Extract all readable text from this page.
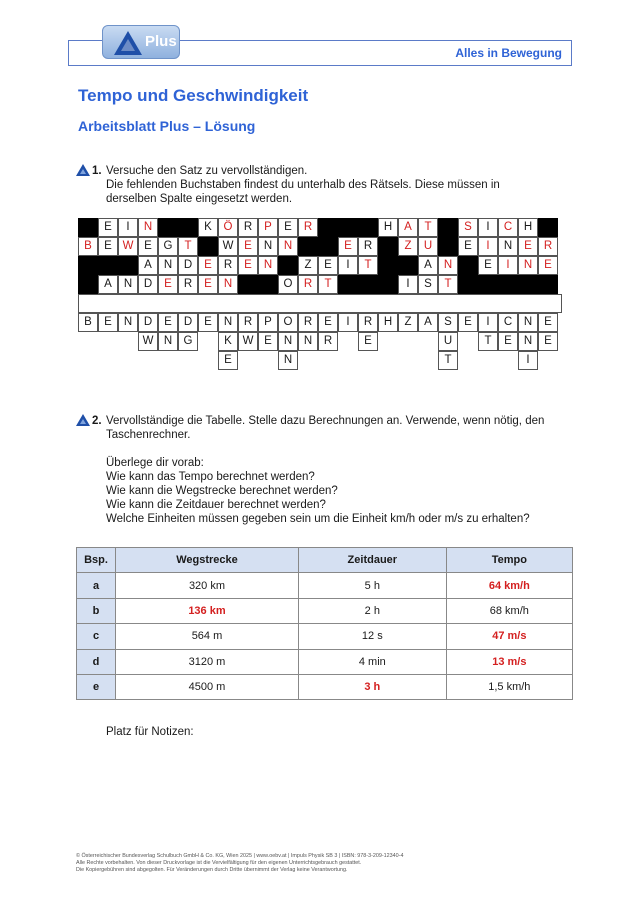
Plus
Alles in Bewegung
Tempo und Geschwindigkeit
Arbeitsblatt Plus – Lösung
1. Versuche den Satz zu vervollständigen.

Die fehlenden Buchstaben findest du unterhalb des Rätsels. Diese müssen in

derselben Spalte eingesetzt werden.

E	I	N	K	Ö R	P	E	R	H	A	T	S	I	C	H
B	E W E	G	T	W E	N	N	E	R	Z	U	E	I	N	E	R
A	N	D	E	R	E	N	Z	E	I	T	A	N	E	I	N	E
A	N	D	E	R	E	N	O R	T	I	S	T
B	E	N	D	E	D	E	N	R	P	O R	E	I	R	H	Z	A	S	E	I	C	N	E
W N G	K W E	N	N	R	E	U	T	E	N	E
E	N	T	I
2. Vervollständige die Tabelle. Stelle dazu Berechnungen an. Verwende, wenn nötig, den

Taschenrechner.

Überlege dir vorab:

Wie kann das Tempo berechnet werden?

Wie kann die Wegstrecke berechnet werden?

Wie kann die Zeitdauer berechnet werden?

Welche Einheiten müssen gegeben sein um die Einheit km/h oder m/s zu erhalten?

Bsp.	Wegstrecke	Zeitdauer	Tempo
a	320 km	5 h	64 km/h
b	136 km	2 h	68 km/h
c	564 m	12 s	47 m/s
d	3120 m	4 min	13 m/s
e	4500 m	3 h	1,5 km/h
Platz für Notizen:
© Österreichischer Bundesverlag Schulbuch GmbH & Co. KG, Wien 2025 | www.oebv.at | Impuls Physik SB 3 | ISBN: 978-3-209-12340-4
Alle Rechte vorbehalten. Von dieser Druckvorlage ist die Vervielfältigung für den eigenen Unterrichtsgebrauch gestattet.
Die Kopiergebühren sind abgegolten. Für Veränderungen durch Dritte übernimmt der Verlag keine Verantwortung.
